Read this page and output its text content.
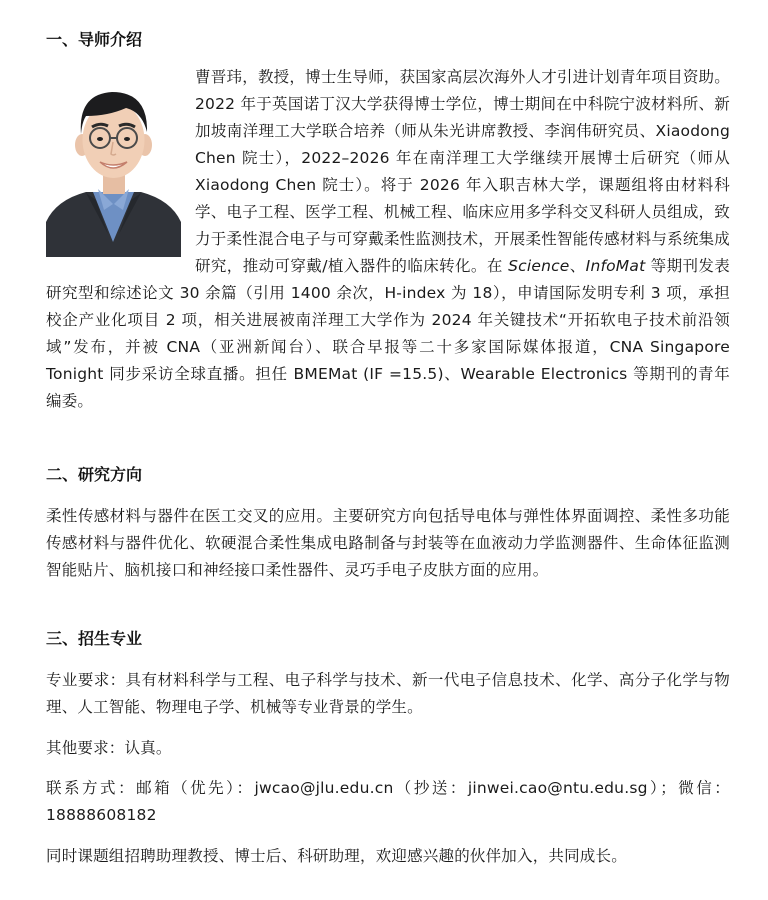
一、导师介绍

曹晋玮，教授，博士生导师，获国家高层次海外人才引进计划青年项目资助。2022 年于英国诺丁汉大学获得博士学位，博士期间在中科院宁波材料所、新加坡南洋理工大学联合培养（师从朱光讲席教授、李润伟研究员、Xiaodong Chen 院士），2022–2026 年在南洋理工大学继续开展博士后研究（师从 Xiaodong Chen 院士）。将于 2026 年入职吉林大学，课题组将由材料科学、电子工程、医学工程、机械工程、临床应用多学科交叉科研人员组成，致力于柔性混合电子与可穿戴柔性监测技术，开展柔性智能传感材料与系统集成研究，推动可穿戴/植入器件的临床转化。在 Science、InfoMat 等期刊发表研究型和综述论文 30 余篇（引用 1400 余次，H-index 为 18），申请国际发明专利 3 项，承担校企产业化项目 2 项，相关进展被南洋理工大学作为 2024 年关键技术“开拓软电子技术前沿领域”发布，并被 CNA（亚洲新闻台）、联合早报等二十多家国际媒体报道，CNA Singapore Tonight 同步采访全球直播。担任 BMEMat (IF =15.5)、Wearable Electronics 等期刊的青年编委。

二、研究方向

柔性传感材料与器件在医工交叉的应用。主要研究方向包括导电体与弹性体界面调控、柔性多功能传感材料与器件优化、软硬混合柔性集成电路制备与封装等在血液动力学监测器件、生命体征监测智能贴片、脑机接口和神经接口柔性器件、灵巧手电子皮肤方面的应用。

三、招生专业

专业要求：具有材料科学与工程、电子科学与技术、新一代电子信息技术、化学、高分子化学与物理、人工智能、物理电子学、机械等专业背景的学生。

其他要求：认真。

联系方式：邮箱（优先）：jwcao@jlu.edu.cn（抄送：jinwei.cao@ntu.edu.sg）；微信：18888608182

同时课题组招聘助理教授、博士后、科研助理，欢迎感兴趣的伙伴加入，共同成长。
